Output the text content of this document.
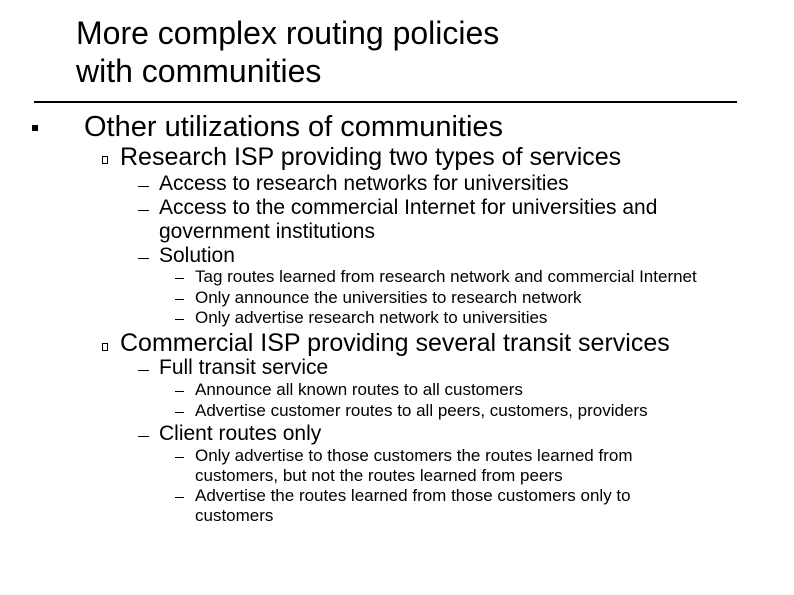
More complex routing policies
with communities
Other utilizations of communities
Research ISP providing two types of services
Access to research networks for universities
Access to the commercial Internet for universities and
government institutions
Solution
Tag routes learned from research network and commercial Internet
Only announce the universities to research network
Only advertise research network to universities
Commercial ISP providing several transit services
Full transit service
Announce all known routes to all customers
Advertise customer routes to all peers, customers, providers
Client routes only
Only advertise to those customers the routes learned from
customers, but not the routes learned from peers
Advertise the routes learned from those customers only to
customers
